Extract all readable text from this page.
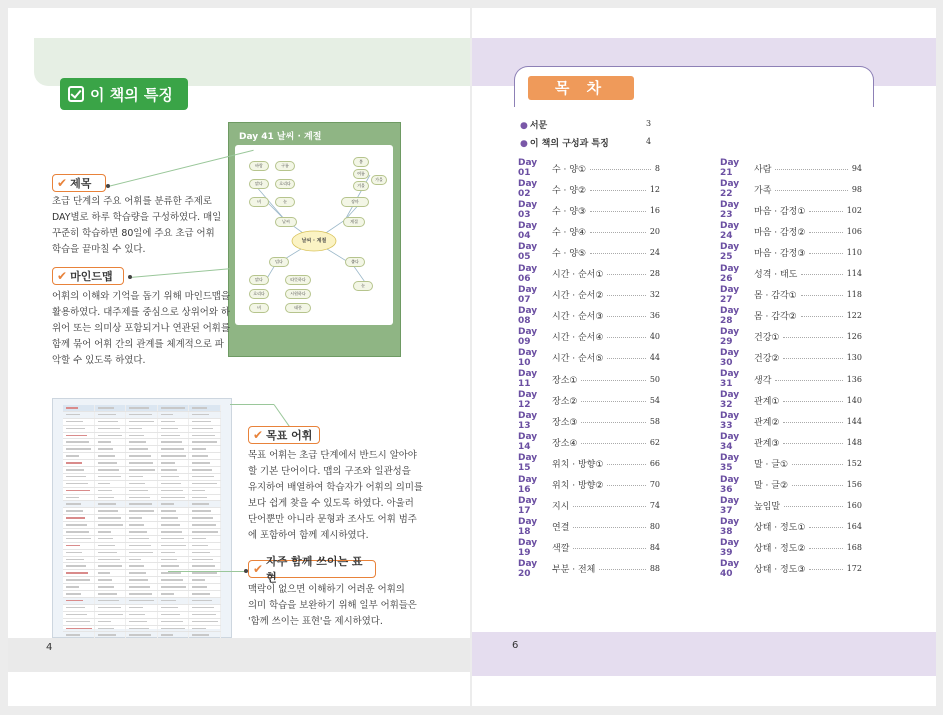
이 책의 특징
Day 41 날씨 · 계절
날씨 · 계절
바람	구름
맑다	흐리다
비	눈
날씨	계절
봄
여름
가을
겨울
장마
덥다	춥다
맑다	따뜻하다
흐리다	시원하다
비	태풍
눈
✔ 제목
초급 단계의 주요 어휘를 분류한 주제로
DAY별로 하루 학습량을 구성하였다. 매일
꾸준히 학습하면 80일에 주요 초급 어휘
학습을 끝마칠 수 있다.
✔ 마인드맵
어휘의 이해와 기억을 돕기 위해 마인드맵을
활용하였다. 대주제를 중심으로 상위어와 하
위어 또는 의미상 포함되거나 연관된 어휘를
함께 묶어 어휘 간의 관계를 체계적으로 파
악할 수 있도록 하였다.
✔ 목표 어휘
목표 어휘는 초급 단계에서 반드시 알아야
할 기본 단어이다. 맵의 구조와 일관성을
유지하여 배열하여 학습자가 어휘의 의미를
보다 쉽게 찾을 수 있도록 하였다. 아울러
단어뿐만 아니라 문형과 조사도 어휘 범주
에 포함하여 함께 제시하였다.
✔
자주 함께 쓰이는 표현
맥락이 없으면 이해하기 어려운 어휘의
의미 학습을 보완하기 위해 일부 어휘들은
'함께 쓰이는 표현'을 제시하였다.
4
목 차
● 서문	3
● 이 책의 구성과 특징	4
Day 01	수 · 양①	8
Day 02	수 · 양②	12
Day 03	수 · 양③	16
Day 04	수 · 양④	20
Day 05	수 · 양⑤	24
Day 06	시간 · 순서①	28
Day 07	시간 · 순서②	32
Day 08	시간 · 순서③	36
Day 09	시간 · 순서④	40
Day 10	시간 · 순서⑤	44
Day 11	장소①	50
Day 12	장소②	54
Day 13	장소③	58
Day 14	장소④	62
Day 15	위치 · 방향①	66
Day 16	위치 · 방향②	70
Day 17	지시	74
Day 18	연결	80
Day 19	색깔	84
Day 20	부분 · 전체	88
Day 21	사람	94
Day 22	가족	98
Day 23	마음 · 감정①	102
Day 24	마음 · 감정②	106
Day 25	마음 · 감정③	110
Day 26	성격 · 태도	114
Day 27	몸 · 감각①	118
Day 28	몸 · 감각②	122
Day 29	건강①	126
Day 30	건강②	130
Day 31	생각	136
Day 32	관계①	140
Day 33	관계②	144
Day 34	관계③	148
Day 35	말 · 글①	152
Day 36	말 · 글②	156
Day 37	높임말	160
Day 38	상태 · 정도①	164
Day 39	상태 · 정도②	168
Day 40	상태 · 정도③	172
6
